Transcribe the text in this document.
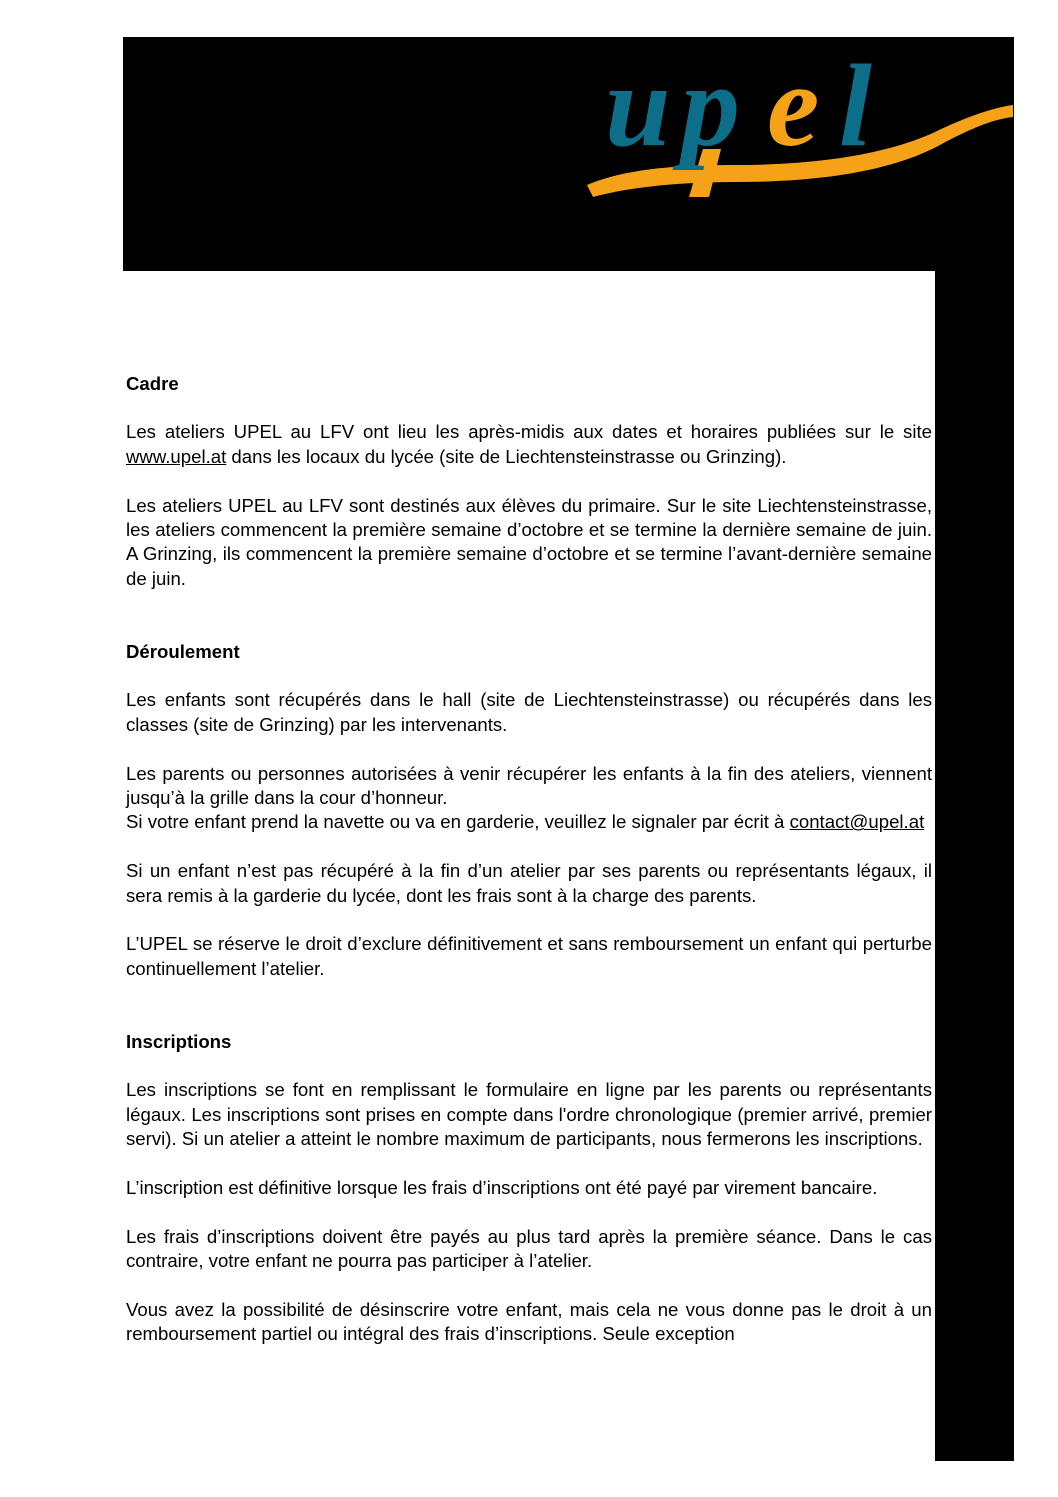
u p e l
Cadre

Les ateliers UPEL au LFV ont lieu les après-midis aux dates et horaires publiées sur le site www.upel.at dans les locaux du lycée (site de Liechtensteinstrasse ou Grinzing).

Les ateliers UPEL au LFV sont destinés aux élèves du primaire. Sur le site Liechtensteinstrasse, les ateliers commencent la première semaine d’octobre et se termine la dernière semaine de juin. A Grinzing, ils commencent la première semaine d’octobre et se termine l’avant-dernière semaine de juin.

Déroulement

Les enfants sont récupérés dans le hall (site de Liechtensteinstrasse) ou récupérés dans les classes (site de Grinzing) par les intervenants.

Les parents ou personnes autorisées à venir récupérer les enfants à la fin des ateliers, viennent jusqu’à la grille dans la cour d’honneur.

Si votre enfant prend la navette ou va en garderie, veuillez le signaler par écrit à contact@upel.at

Si un enfant n’est pas récupéré à la fin d’un atelier par ses parents ou représentants légaux, il sera remis à la garderie du lycée, dont les frais sont à la charge des parents.

L’UPEL se réserve le droit d’exclure définitivement et sans remboursement un enfant qui perturbe continuellement l’atelier.

Inscriptions

Les inscriptions se font en remplissant le formulaire en ligne par les parents ou représentants légaux. Les inscriptions sont prises en compte dans l'ordre chronologique (premier arrivé, premier servi). Si un atelier a atteint le nombre maximum de participants, nous fermerons les inscriptions.

L’inscription est définitive lorsque les frais d’inscriptions ont été payé par virement bancaire.

Les frais d’inscriptions doivent être payés au plus tard après la première séance. Dans le cas contraire, votre enfant ne pourra pas participer à l’atelier.

Vous avez la possibilité de désinscrire votre enfant, mais cela ne vous donne pas le droit à un remboursement partiel ou intégral des frais d’inscriptions. Seule exception
